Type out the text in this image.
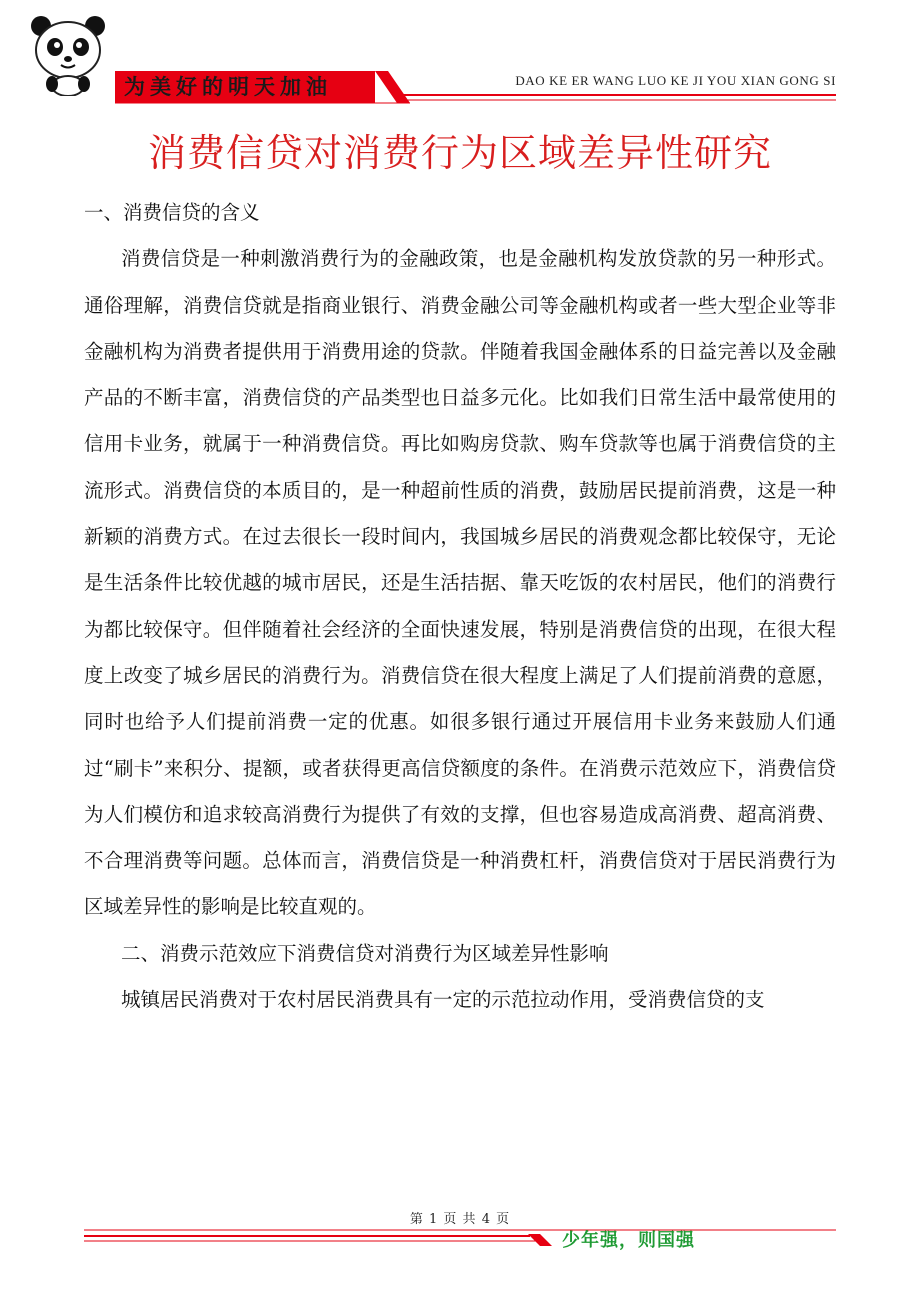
为美好的明天加油	DAO KE ER WANG LUO KE JI YOU XIAN GONG SI
消费信贷对消费行为区域差异性研究

一、消费信贷的含义

消费信贷是一种刺激消费行为的金融政策，也是金融机构发放贷款的另一种形式。通俗理解，消费信贷就是指商业银行、消费金融公司等金融机构或者一些大型企业等非金融机构为消费者提供用于消费用途的贷款。伴随着我国金融体系的日益完善以及金融产品的不断丰富，消费信贷的产品类型也日益多元化。比如我们日常生活中最常使用的信用卡业务，就属于一种消费信贷。再比如购房贷款、购车贷款等也属于消费信贷的主流形式。消费信贷的本质目的，是一种超前性质的消费，鼓励居民提前消费，这是一种新颖的消费方式。在过去很长一段时间内，我国城乡居民的消费观念都比较保守，无论是生活条件比较优越的城市居民，还是生活拮据、靠天吃饭的农村居民，他们的消费行为都比较保守。但伴随着社会经济的全面快速发展，特别是消费信贷的出现，在很大程度上改变了城乡居民的消费行为。消费信贷在很大程度上满足了人们提前消费的意愿，同时也给予人们提前消费一定的优惠。如很多银行通过开展信用卡业务来鼓励人们通过“刷卡”来积分、提额，或者获得更高信贷额度的条件。在消费示范效应下，消费信贷为人们模仿和追求较高消费行为提供了有效的支撑，但也容易造成高消费、超高消费、不合理消费等问题。总体而言，消费信贷是一种消费杠杆，消费信贷对于居民消费行为区域差异性的影响是比较直观的。

二、消费示范效应下消费信贷对消费行为区域差异性影响

城镇居民消费对于农村居民消费具有一定的示范拉动作用，受消费信贷的支

第 1 页 共 4 页
少年强，则国强
